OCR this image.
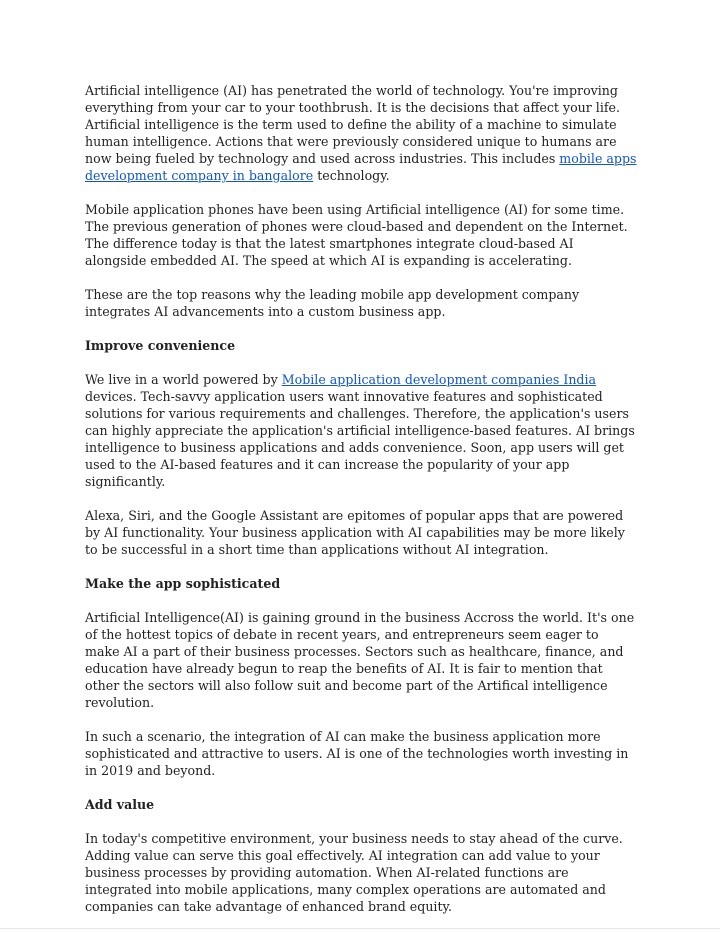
Artificial intelligence (AI) has penetrated the world of technology. You're improving everything from your car to your toothbrush. It is the decisions that affect your life. Artificial intelligence is the term used to define the ability of a machine to simulate human intelligence. Actions that were previously considered unique to humans are now being fueled by technology and used across industries. This includes mobile apps development company in bangalore technology.

Mobile application phones have been using Artificial intelligence (AI) for some time. The previous generation of phones were cloud-based and dependent on the Internet. The difference today is that the latest smartphones integrate cloud-based AI alongside embedded AI. The speed at which AI is expanding is accelerating.

These are the top reasons why the leading mobile app development company integrates AI advancements into a custom business app.

Improve convenience

We live in a world powered by Mobile application development companies India devices. Tech-savvy application users want innovative features and sophisticated solutions for various requirements and challenges. Therefore, the application's users can highly appreciate the application's artificial intelligence-based features. AI brings intelligence to business applications and adds convenience. Soon, app users will get used to the AI-based features and it can increase the popularity of your app significantly.

Alexa, Siri, and the Google Assistant are epitomes of popular apps that are powered by AI functionality. Your business application with AI capabilities may be more likely to be successful in a short time than applications without AI integration.

Make the app sophisticated

Artificial Intelligence(AI) is gaining ground in the business Accross the world. It's one of the hottest topics of debate in recent years, and entrepreneurs seem eager to make AI a part of their business processes. Sectors such as healthcare, finance, and education have already begun to reap the benefits of AI. It is fair to mention that other the sectors will also follow suit and become part of the Artifical intelligence revolution.

In such a scenario, the integration of AI can make the business application more sophisticated and attractive to users. AI is one of the technologies worth investing in in 2019 and beyond.

Add value

In today's competitive environment, your business needs to stay ahead of the curve. Adding value can serve this goal effectively. AI integration can add value to your business processes by providing automation. When AI-related functions are integrated into mobile applications, many complex operations are automated and companies can take advantage of enhanced brand equity.
